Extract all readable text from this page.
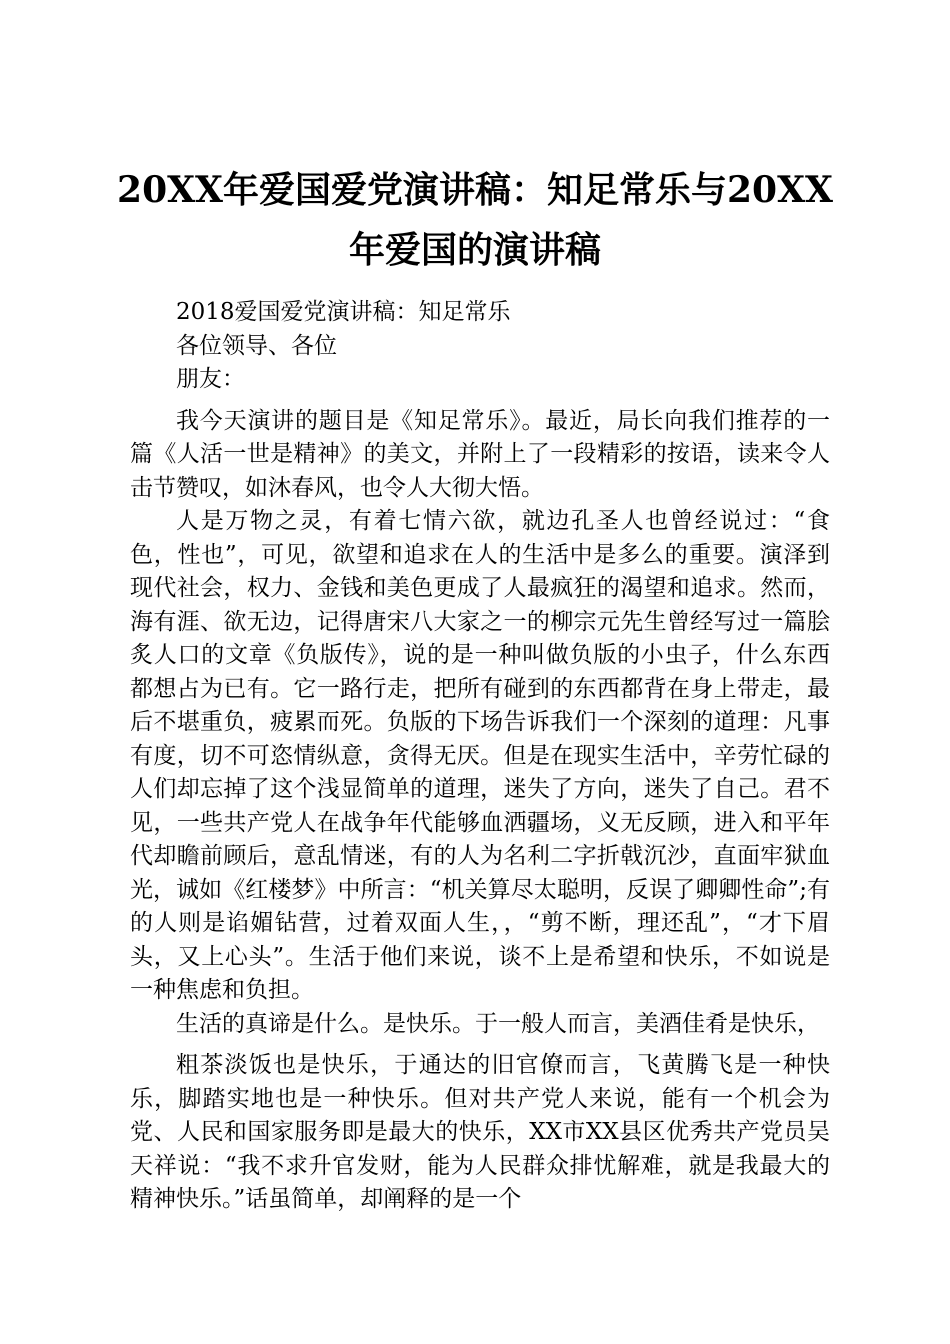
20XX年爱国爱党演讲稿：知足常乐与20XX年爱国的演讲稿

2018爱国爱党演讲稿：知足常乐

各位领导、各位

朋友：

我今天演讲的题目是《知足常乐》。最近，局长向我们推荐的一篇《人活一世是精神》的美文，并附上了一段精彩的按语，读来令人击节赞叹，如沐春风，也令人大彻大悟。

人是万物之灵，有着七情六欲，就边孔圣人也曾经说过：“食色，性也”，可见，欲望和追求在人的生活中是多么的重要。演泽到现代社会，权力、金钱和美色更成了人最疯狂的渴望和追求。然而，海有涯、欲无边，记得唐宋八大家之一的柳宗元先生曾经写过一篇脍炙人口的文章《负版传》，说的是一种叫做负版的小虫子，什么东西都想占为已有。它一路行走，把所有碰到的东西都背在身上带走，最后不堪重负，疲累而死。负版的下场告诉我们一个深刻的道理：凡事有度，切不可恣情纵意，贪得无厌。但是在现实生活中，辛劳忙碌的人们却忘掉了这个浅显简单的道理，迷失了方向，迷失了自己。君不见，一些共产党人在战争年代能够血洒疆场，义无反顾，进入和平年代却瞻前顾后，意乱情迷，有的人为名利二字折戟沉沙，直面牢狱血光，诚如《红楼梦》中所言：“机关算尽太聪明，反误了卿卿性命”;有的人则是谄媚钻营，过着双面人生，，“剪不断，理还乱”，“才下眉头，又上心头”。生活于他们来说，谈不上是希望和快乐，不如说是一种焦虑和负担。

生活的真谛是什么。是快乐。于一般人而言，美酒佳肴是快乐，

粗茶淡饭也是快乐，于通达的旧官僚而言，飞黄腾飞是一种快乐，脚踏实地也是一种快乐。但对共产党人来说，能有一个机会为党、人民和国家服务即是最大的快乐，XX市XX县区优秀共产党员吴天祥说：“我不求升官发财，能为人民群众排忧解难，就是我最大的精神快乐。”话虽简单，却阐释的是一个
